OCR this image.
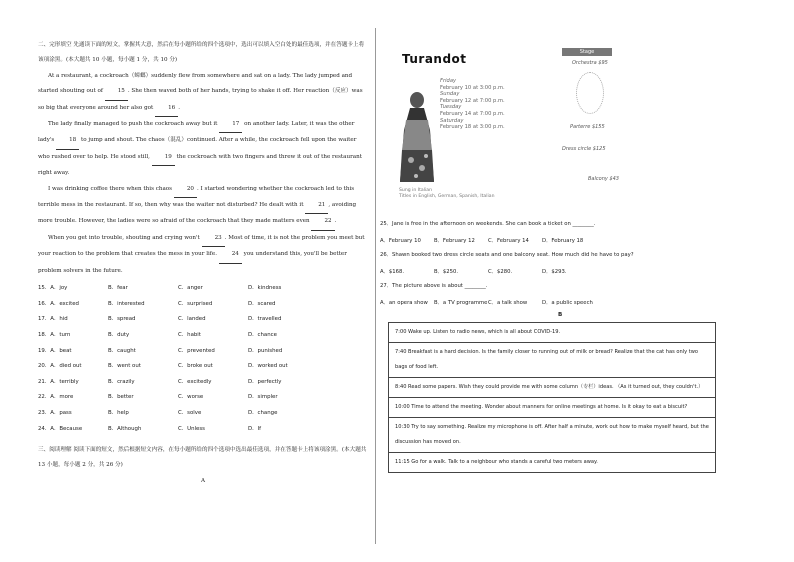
二、完形填空 先通读下面的短文，掌握其大意，然后在每小题所给的四个选项中，选出可以填入空白处的最佳选项，并在答题卡上将该项涂黑。(本大题共 10 小题，每小题 1 分，共 10 分)

At a restaurant, a cockroach（蟑螂）suddenly flew from somewhere and sat on a lady. The lady jumped and started shouting out of 15 . She then waved both of her hands, trying to shake it off. Her reaction（反应）was so big that everyone around her also got 16 .

The lady finally managed to push the cockroach away but it 17 on another lady. Later, it was the other lady's 18 to jump and shout. The chaos（混乱）continued. After a while, the cockroach fell upon the waiter who rushed over to help. He stood still, 19 the cockroach with two fingers and threw it out of the restaurant right away.

I was drinking coffee there when this chaos 20 . I started wondering whether the cockroach led to this terrible mess in the restaurant. If so, then why was the waiter not disturbed? He dealt with it 21 , avoiding more trouble. However, the ladies were so afraid of the cockroach that they made matters even 22 .

When you get into trouble, shouting and crying won't 23 . Most of time, it is not the problem you meet but your reaction to the problem that creates the mess in your life. 24 you understand this, you'll be better problem solvers in the future.

15．A．joy	B．fear	C．anger	D．kindness
16．A．excited	B．interested	C．surprised	D．scared
17．A．hid	B．spread	C．landed	D．travelled
18．A．turn	B．duty	C．habit	D．chance
19．A．beat	B．caught	C．prevented	D．punished
20．A．died out	B．went out	C．broke out	D．worked out
21．A．terribly	B．crazily	C．excitedly	D．perfectly
22．A．more	B．better	C．worse	D．simpler
23．A．pass	B．help	C．solve	D．change
24．A．Because	B．Although	C．Unless	D．If

三、阅读理解 阅读下面的短文，然后根据短文内容，在每小题所给的四个选项中选出最佳选项，并在答题卡上将该项涂黑。(本大题共 13 小题，每小题 2 分，共 26 分)

A

Turandot
Friday
February 10 at 3:00 p.m.
Sunday
February 12 at 7:00 p.m.
Tuesday
February 14 at 7:00 p.m.
Saturday
February 18 at 3:00 p.m.
Sung in Italian
Titles in English, German, Spanish, Italian
Stage
Orchestra $95
Parterre $155
Dress circle $125
Balcony $43
25．Jane is free in the afternoon on weekends. She can book a ticket on ________.
A．February 10	B．February 12	C．February 14	D．February 18
26．Shawn booked two dress circle seats and one balcony seat. How much did he have to pay?
A．$168.	B．$250.	C．$280.	D．$293.
27．The picture above is about ________.
A．an opera show	B．a TV programme C．a talk show	D．a public speech
B
7:00 Wake up. Listen to radio news, which is all about COVID-19.
7:40 Breakfast is a hard decision. Is the family closer to running out of milk or bread? Realize that the cat has only two bags of food left.
8:40 Read some papers. Wish they could provide me with some column（专栏）ideas. （As it turned out, they couldn't.）
10:00 Time to attend the meeting. Wonder about manners for online meetings at home. Is it okay to eat a biscuit?
10:30 Try to say something. Realize my microphone is off. After half a minute, work out how to make myself heard, but the discussion has moved on.
11:15 Go for a walk. Talk to a neighbour who stands a careful two meters away.
